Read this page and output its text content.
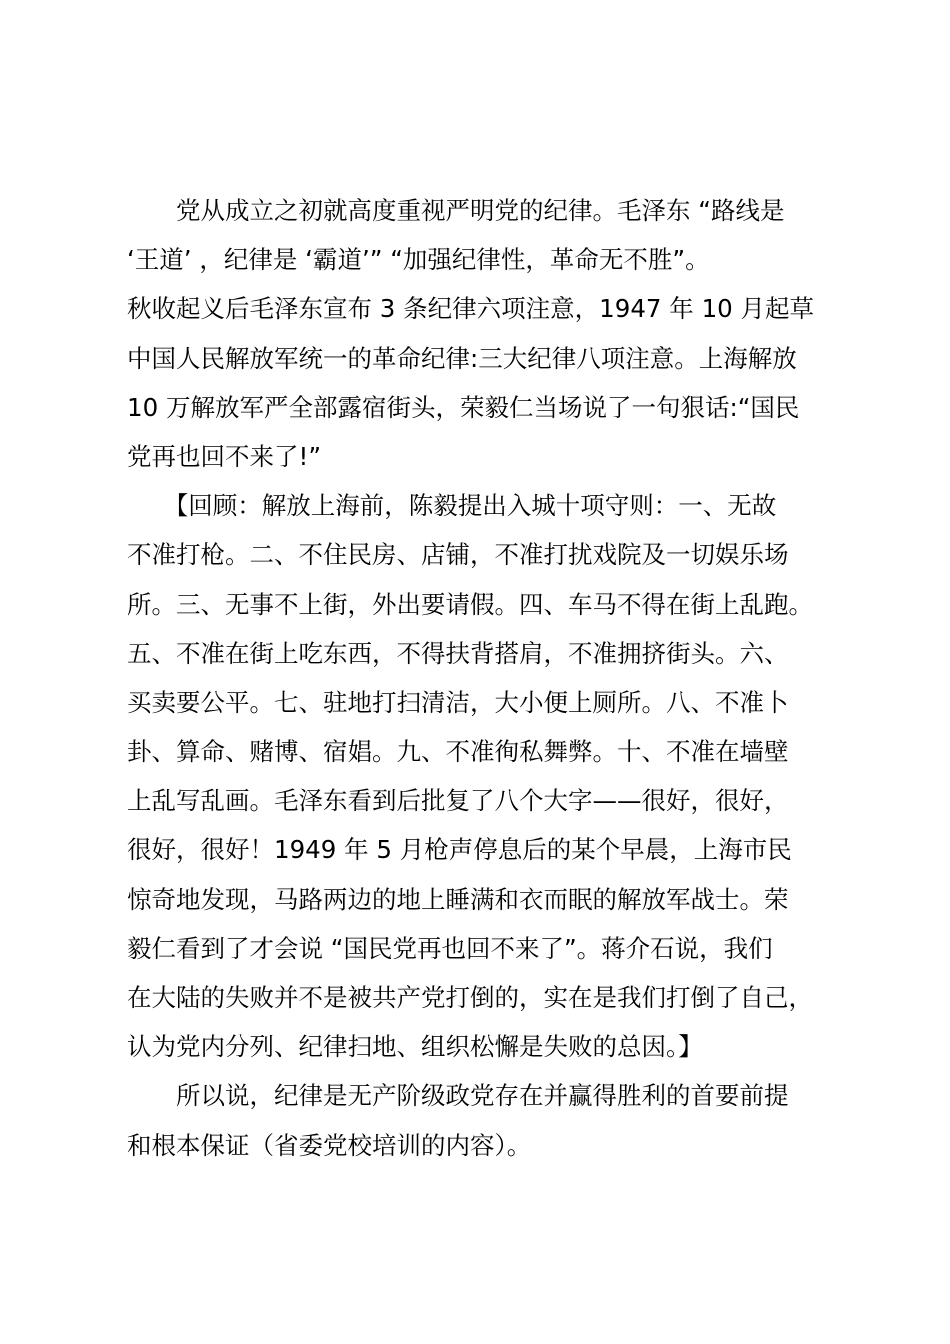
　　党从成立之初就高度重视严明党的纪律。毛泽东 “路线是
‘王道’ ，纪律是 ‘霸道’” “加强纪律性，革命无不胜”。
秋收起义后毛泽东宣布 3 条纪律六项注意，1947 年 10 月起草
中国人民解放军统一的革命纪律:三大纪律八项注意。上海解放
10 万解放军严全部露宿街头，荣毅仁当场说了一句狠话:“国民
党再也回不来了!”
　　【回顾：解放上海前，陈毅提出入城十项守则：一、无故
不准打枪。二、不住民房、店铺，不准打扰戏院及一切娱乐场
所。三、无事不上街，外出要请假。四、车马不得在街上乱跑。
五、不准在街上吃东西，不得扶背搭肩，不准拥挤街头。六、
买卖要公平。七、驻地打扫清洁，大小便上厕所。八、不准卜
卦、算命、赌博、宿娼。九、不准徇私舞弊。十、不准在墙壁
上乱写乱画。毛泽东看到后批复了八个大字——很好，很好，
很好，很好！1949 年 5 月枪声停息后的某个早晨，上海市民
惊奇地发现，马路两边的地上睡满和衣而眠的解放军战士。荣
毅仁看到了才会说 “国民党再也回不来了”。蒋介石说，我们
在大陆的失败并不是被共产党打倒的，实在是我们打倒了自己，
认为党内分列、纪律扫地、组织松懈是失败的总因。】
　　所以说，纪律是无产阶级政党存在并赢得胜利的首要前提
和根本保证（省委党校培训的内容）。
